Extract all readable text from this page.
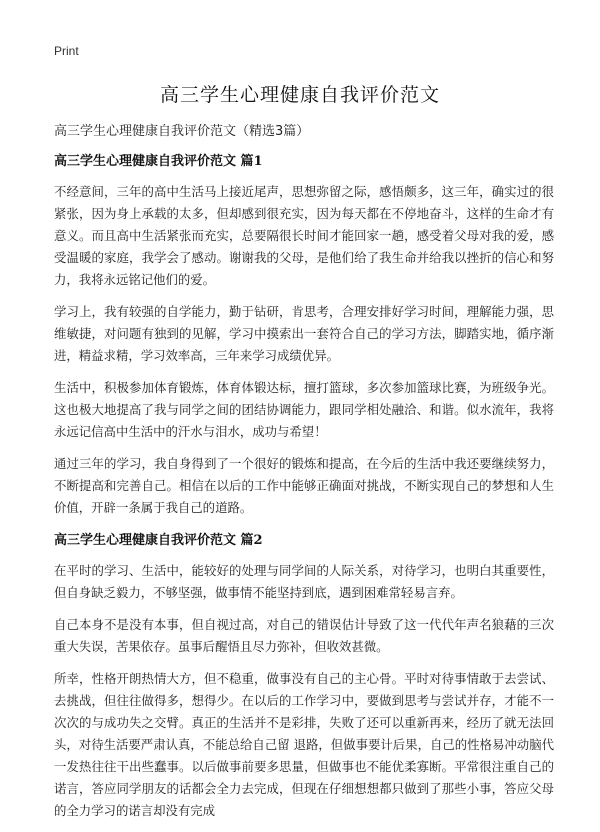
Print
高三学生心理健康自我评价范文
高三学生心理健康自我评价范文（精选3篇）
高三学生心理健康自我评价范文 篇1

不经意间，三年的高中生活马上接近尾声，思想弥留之际，感悟颇多，这三年，确实过的很紧张，因为身上承载的太多，但却感到很充实，因为每天都在不停地奋斗，这样的生命才有意义。而且高中生活紧张而充实，总要隔很长时间才能回家一趟，感受着父母对我的爱，感受温暖的家庭，我学会了感动。谢谢我的父母，是他们给了我生命并给我以挫折的信心和努力，我将永远铭记他们的爱。

学习上，我有较强的自学能力，勤于钻研，肯思考，合理安排好学习时间，理解能力强，思维敏捷，对问题有独到的见解，学习中摸索出一套符合自己的学习方法，脚踏实地，循序渐进，精益求精，学习效率高，三年来学习成绩优异。

生活中，积极参加体育锻炼，体育体锻达标，擅打篮球，多次参加篮球比赛，为班级争光。这也极大地提高了我与同学之间的团结协调能力，跟同学相处融洽、和谐。似水流年，我将永远记信高中生活中的汗水与泪水，成功与希望！

通过三年的学习，我自身得到了一个很好的锻炼和提高，在今后的生活中我还要继续努力，不断提高和完善自己。相信在以后的工作中能够正确面对挑战，不断实现自己的梦想和人生价值，开辟一条属于我自己的道路。

高三学生心理健康自我评价范文 篇2

在平时的学习、生活中，能较好的处理与同学间的人际关系，对待学习，也明白其重要性，但自身缺乏毅力，不够坚强，做事情不能坚持到底，遇到困难常轻易言弃。

自己本身不是没有本事，但自视过高，对自己的错误估计导致了这一代代年声名狼藉的三次重大失误，苦果依存。虽事后醒悟且尽力弥补，但收效甚微。

所幸，性格开朗热情大方，但不稳重，做事没有自己的主心骨。平时对待事情敢于去尝试、去挑战，但往往做得多，想得少。在以后的工作学习中，要做到思考与尝试并存，才能不一次次的与成功失之交臂。真正的生活并不是彩排，失败了还可以重新再来，经历了就无法回头，对待生活要严肃认真，不能总给自己留 退路，但做事要计后果，自己的性格易冲动脑代一发热往往干出些蠢事。以后做事前要多思量，但做事也不能优柔寡断。平常很注重自己的诺言，答应同学朋友的话都会全力去完成，但现在仔细想想都只做到了那些小事，答应父母的全力学习的诺言却没有完成
